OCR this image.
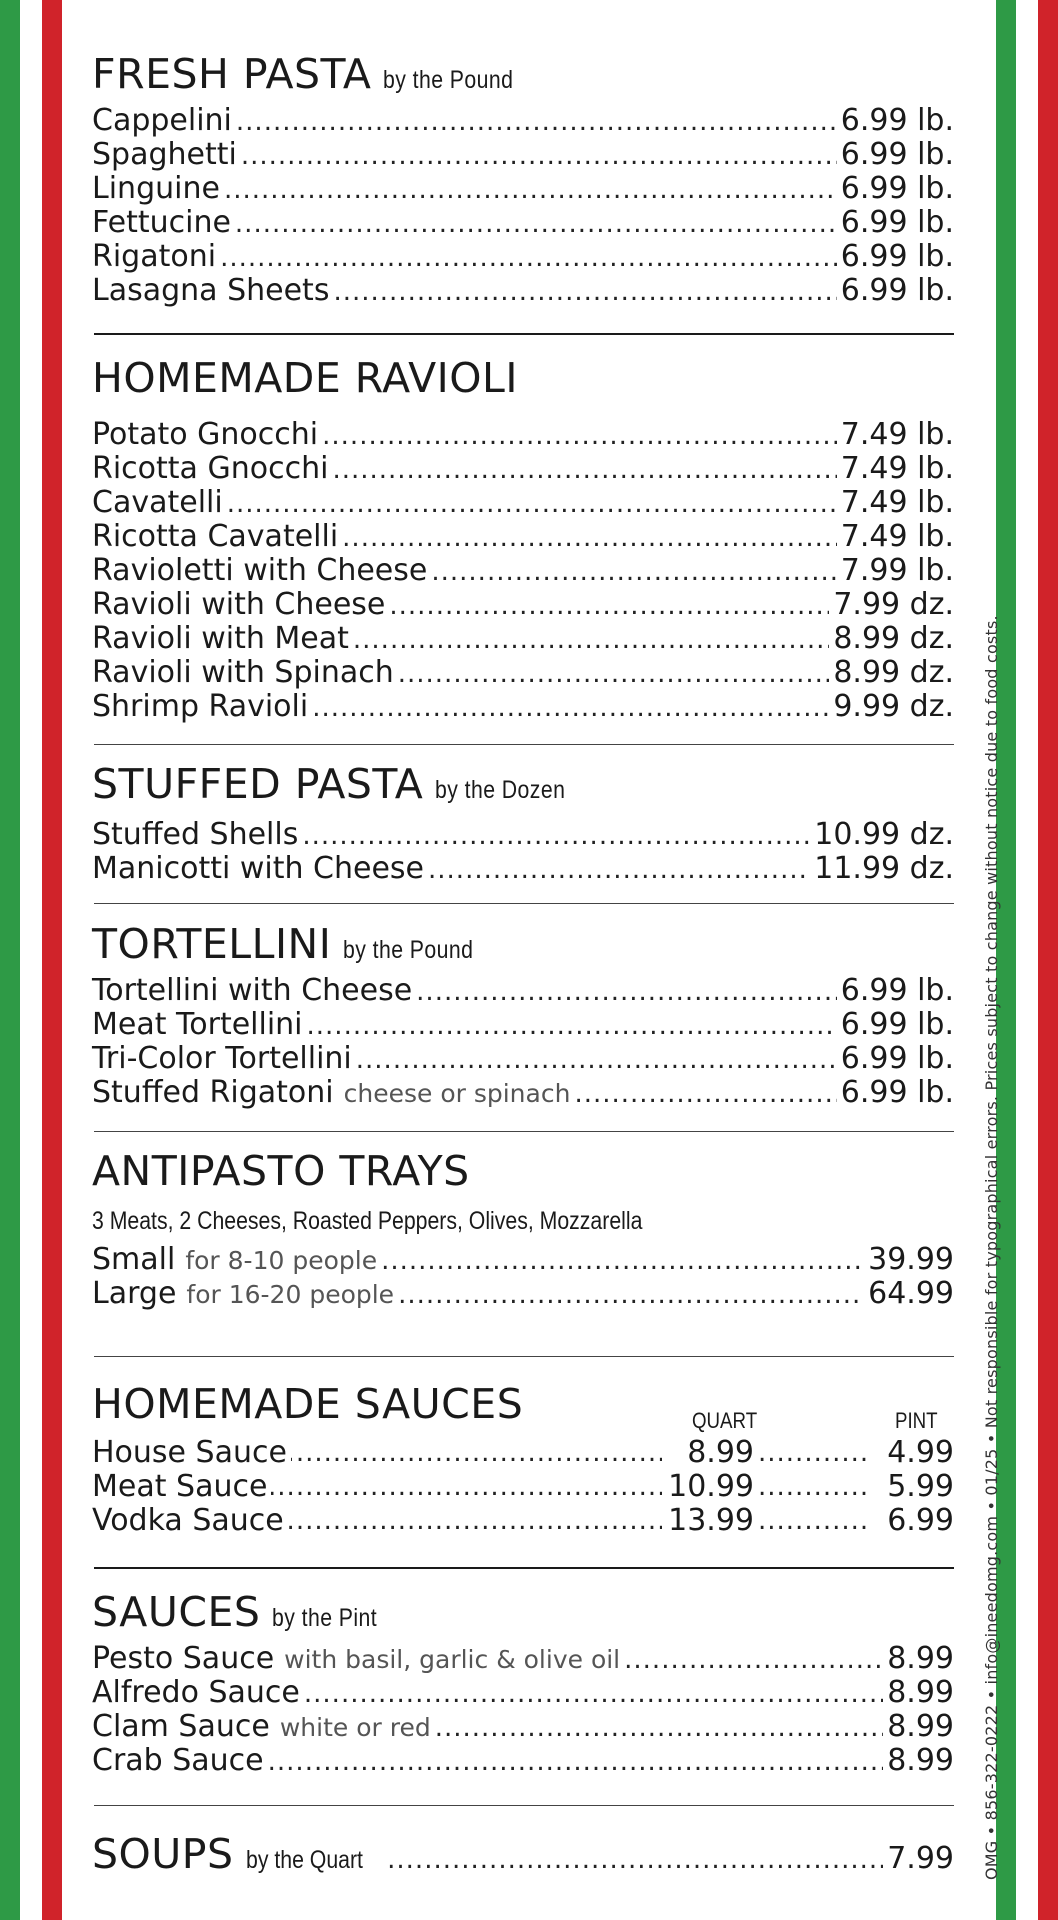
FRESH PASTA by the Pound
Cappelini .....	6.99 lb.
Spaghetti .....	6.99 lb.
Linguine .....	6.99 lb.
Fettucine .....	6.99 lb.
Rigatoni .....	6.99 lb.
Lasagna Sheets .....	6.99 lb.
HOMEMADE RAVIOLI
Potato Gnocchi .....	7.49 lb.
Ricotta Gnocchi .....	7.49 lb.
Cavatelli .....	7.49 lb.
Ricotta Cavatelli .....	7.49 lb.
Ravioletti with Cheese .....	7.99 lb.
Ravioli with Cheese .....	7.99 dz.
Ravioli with Meat .....	8.99 dz.
Ravioli with Spinach .....	8.99 dz.
Shrimp Ravioli .....	9.99 dz.
STUFFED PASTA by the Dozen
Stuffed Shells .....	10.99 dz.
Manicotti with Cheese .....	11.99 dz.
TORTELLINI by the Pound
Tortellini with Cheese .....	6.99 lb.
Meat Tortellini .....	6.99 lb.
Tri-Color Tortellini .....	6.99 lb.
Stuffed Rigatoni cheese or spinach .....	6.99 lb.
ANTIPASTO TRAYS
3 Meats, 2 Cheeses, Roasted Peppers, Olives, Mozzarella
Small for 8-10 people .....	39.99
Large for 16-20 people .....	64.99
HOMEMADE SAUCES	QUART	PINT
House Sauce .....	8.99 .....	4.99
Meat Sauce .....	10.99 .....	5.99
Vodka Sauce .....	13.99 .....	6.99
SAUCES by the Pint
Pesto Sauce with basil, garlic & olive oil .....	8.99
Alfredo Sauce .....	8.99
Clam Sauce white or red .....	8.99
Crab Sauce .....	8.99
SOUPS by the Quart .....	7.99 OMG • 856-322-0222 • info@ineedomg.com • 01/25 • Not responsible for typographical errors. Prices subject to change without notice due to food costs.
